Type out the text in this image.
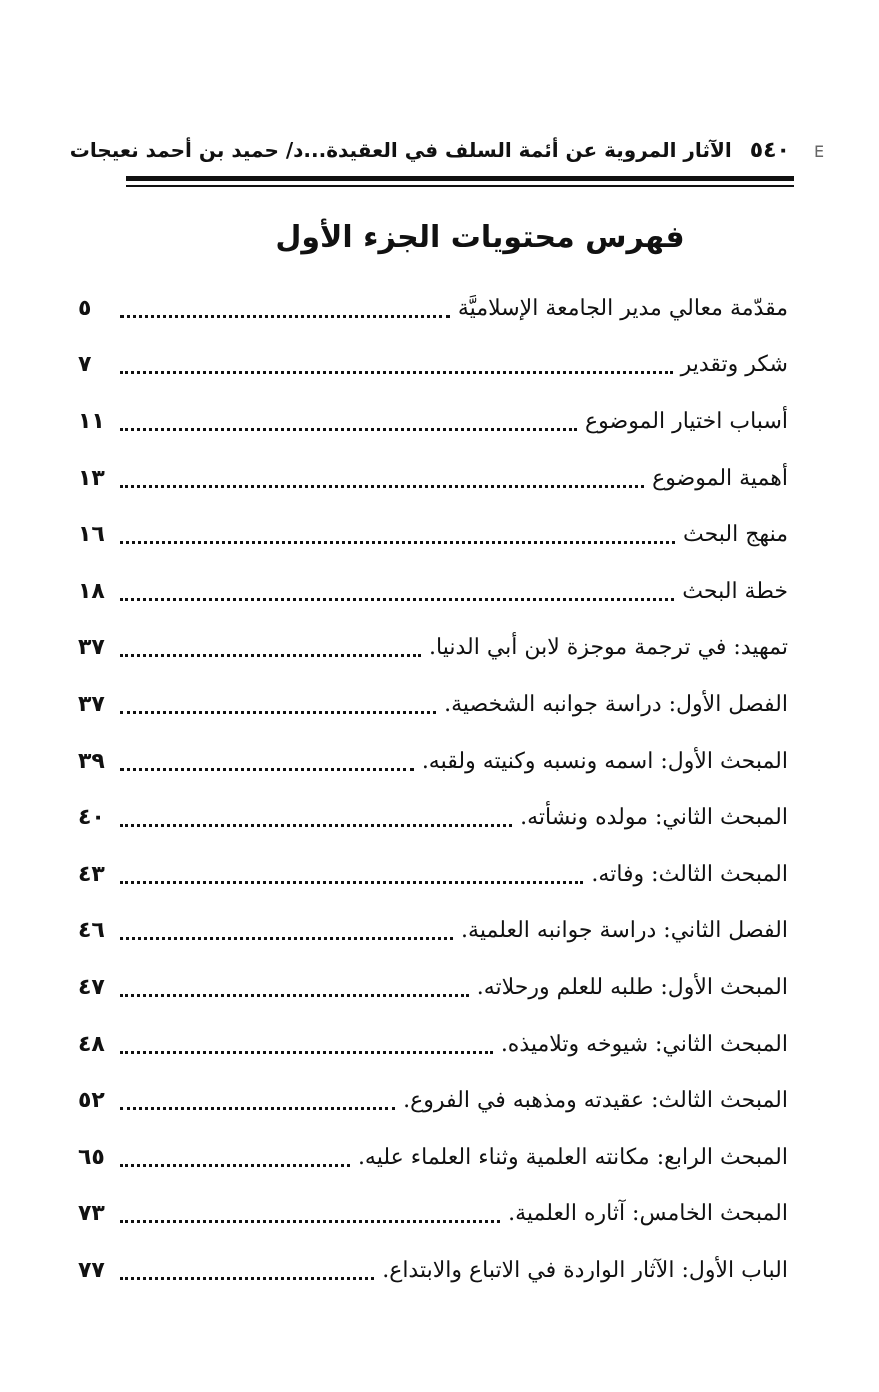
ⴹ
٥٤٠
الآثار المروية عن أئمة السلف في العقيدة...د/ حميد بن أحمد نعيجات
فهرس محتويات الجزء الأول
مقدّمة معالي مدير الجامعة الإسلاميَّة
٥
شكر وتقدير
٧
أسباب اختيار الموضوع
١١
أهمية الموضوع
١٣
منهج البحث
١٦
خطة البحث
١٨
تمهيد: في ترجمة موجزة لابن أبي الدنيا.
٣٧
الفصل الأول: دراسة جوانبه الشخصية.
٣٧
المبحث الأول: اسمه ونسبه وكنيته ولقبه.
٣٩
المبحث الثاني: مولده ونشأته.
٤٠
المبحث الثالث: وفاته.
٤٣
الفصل الثاني: دراسة جوانبه العلمية.
٤٦
المبحث الأول: طلبه للعلم ورحلاته.
٤٧
المبحث الثاني: شيوخه وتلاميذه.
٤٨
المبحث الثالث: عقيدته ومذهبه في الفروع.
٥٢
المبحث الرابع: مكانته العلمية وثناء العلماء عليه.
٦٥
المبحث الخامس: آثاره العلمية.
٧٣
الباب الأول: الآثار الواردة في الاتباع والابتداع.
٧٧
